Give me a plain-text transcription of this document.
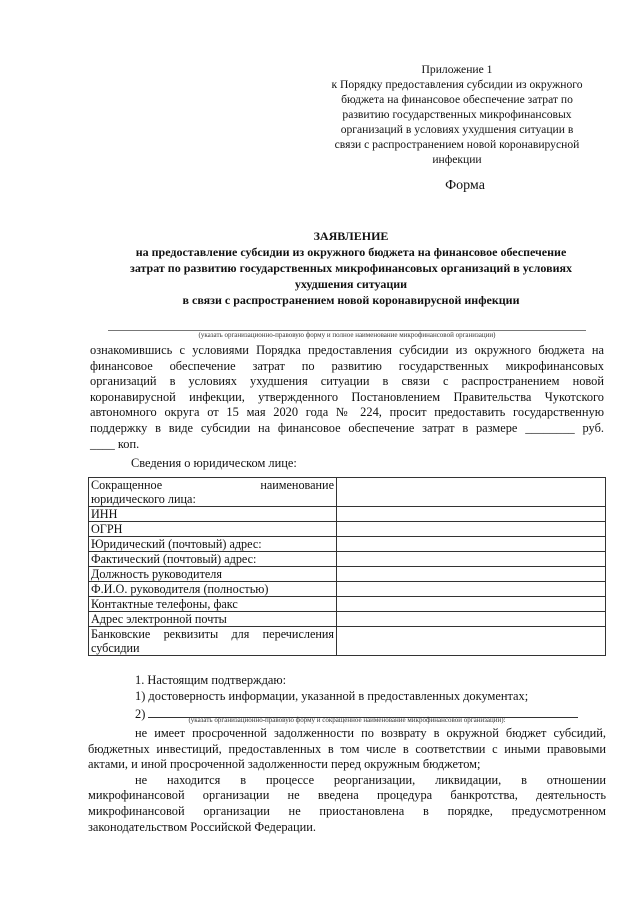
Приложение 1
к Порядку предоставления субсидии из окружного
бюджета на финансовое обеспечение затрат по
развитию государственных микрофинансовых
организаций в условиях ухудшения ситуации в
связи с распространением новой коронавирусной
инфекции
Форма
ЗАЯВЛЕНИЕ
на предоставление субсидии из окружного бюджета на финансовое обеспечение
затрат по развитию государственных микрофинансовых организаций в условиях
ухудшения ситуации
в связи с распространением новой коронавирусной инфекции
(указать организационно-правовую форму и полное наименование микрофинансовой организации)
ознакомившись с условиями Порядка предоставления субсидии из окружного бюджета на
финансовое обеспечение затрат по развитию государственных микрофинансовых
организаций в условиях ухудшения ситуации в связи с распространением новой
коронавирусной инфекции, утвержденного Постановлением Правительства Чукотского
автономного округа от 15 мая 2020 года № 224, просит предоставить государственную
поддержку в виде субсидии на финансовое обеспечение затрат в размере ________ руб.
____ коп.
Сведения о юридическом лице:
Сокращенное наименование
юридического лица:	

ИНН	
ОГРН	
Юридический (почтовый) адрес:	
Фактический (почтовый) адрес:	
Должность руководителя	
Ф.И.О. руководителя (полностью)	
Контактные телефоны, факс	
Адрес электронной почты	

Банковские реквизиты для перечисления
субсидии	

1. Настоящим подтверждаю:
1) достоверность информации, указанной в предоставленных документах;
2)	(указать организационно-правовую форму и сокращенное наименование микрофинансовой организации):
не имеет просроченной задолженности по возврату в окружной бюджет субсидий,
бюджетных инвестиций, предоставленных в том числе в соответствии с иными правовыми
актами, и иной просроченной задолженности перед окружным бюджетом;
не находится в процессе реорганизации, ликвидации, в отношении
микрофинансовой организации не введена процедура банкротства, деятельность
микрофинансовой организации не приостановлена в порядке, предусмотренном
законодательством Российской Федерации.
